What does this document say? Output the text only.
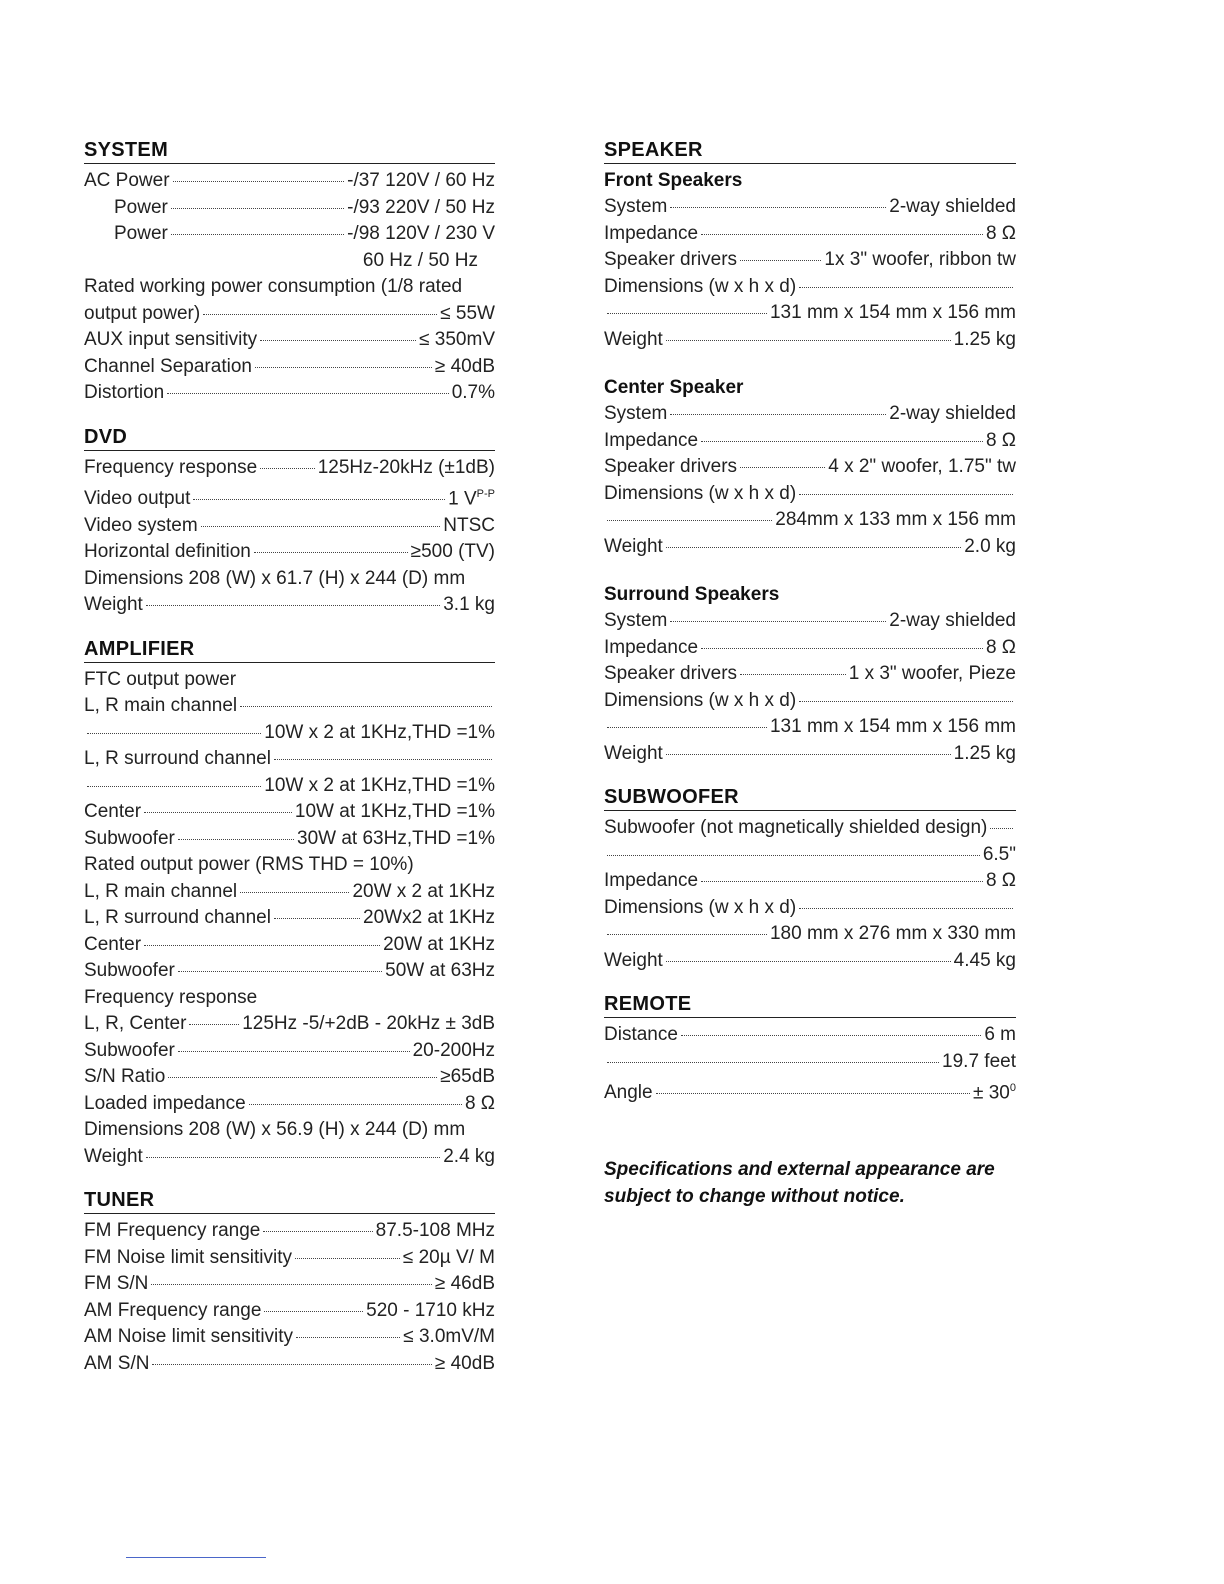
SYSTEM
AC Power	-/37 120V / 60 Hz
Power	-/93 220V / 50 Hz
Power	-/98 120V / 230 V
60 Hz / 50 Hz
Rated working power consumption (1/8 rated
output power)	≤ 55W
AUX input sensitivity	≤ 350mV
Channel Separation	≥ 40dB
Distortion	0.7%
DVD
Frequency response	125Hz-20kHz (±1dB)
Video output	1 $V^{P-P}$
Video system	NTSC
Horizontal definition	≥500 (TV)
Dimensions 208 (W) x 61.7 (H) x 244 (D) mm
Weight	3.1 kg
AMPLIFIER
FTC output power
L, R main channel
10W x 2 at 1KHz,THD =1%
L, R surround channel
10W x 2 at 1KHz,THD =1%
Center	10W at 1KHz,THD =1%
Subwoofer	30W at 63Hz,THD =1%
Rated output power (RMS THD = 10%)
L, R main channel	20W x 2 at 1KHz
L, R surround channel	20Wx2 at 1KHz
Center	20W at 1KHz
Subwoofer	50W at 63Hz
Frequency response
L, R, Center	125Hz -5/+2dB - 20kHz ± 3dB
Subwoofer	20-200Hz
S/N Ratio	≥65dB
Loaded impedance	8 Ω
Dimensions 208 (W) x 56.9 (H) x 244 (D) mm
Weight	2.4 kg
TUNER
FM Frequency range	87.5-108 MHz
FM Noise limit sensitivity	≤ 20µ V/ M
FM S/N	≥ 46dB
AM Frequency range	520 - 1710 kHz
AM Noise limit sensitivity	≤ 3.0mV/M
AM S/N	≥ 40dB
SPEAKER
Front Speakers
System	2-way shielded
Impedance	8 Ω
Speaker drivers	1x 3" woofer, ribbon tw
Dimensions (w x h x d)
131 mm x 154 mm x 156 mm
Weight	1.25 kg
Center Speaker
System	2-way shielded
Impedance	8 Ω
Speaker drivers	4 x 2" woofer, 1.75" tw
Dimensions (w x h x d)
284mm x 133 mm x 156 mm
Weight	2.0 kg
Surround Speakers
System	2-way shielded
Impedance	8 Ω
Speaker drivers	1 x 3" woofer, Pieze
Dimensions (w x h x d)
131 mm x 154 mm x 156 mm
Weight	1.25 kg
SUBWOOFER
Subwoofer (not magnetically shielded design)
6.5"
Impedance	8 Ω
Dimensions (w x h x d)
180 mm x 276 mm x 330 mm
Weight	4.45 kg
REMOTE
Distance	6 m
19.7 feet
Angle	± $30^0$
Specifications and external appearance are
subject to change without notice.
